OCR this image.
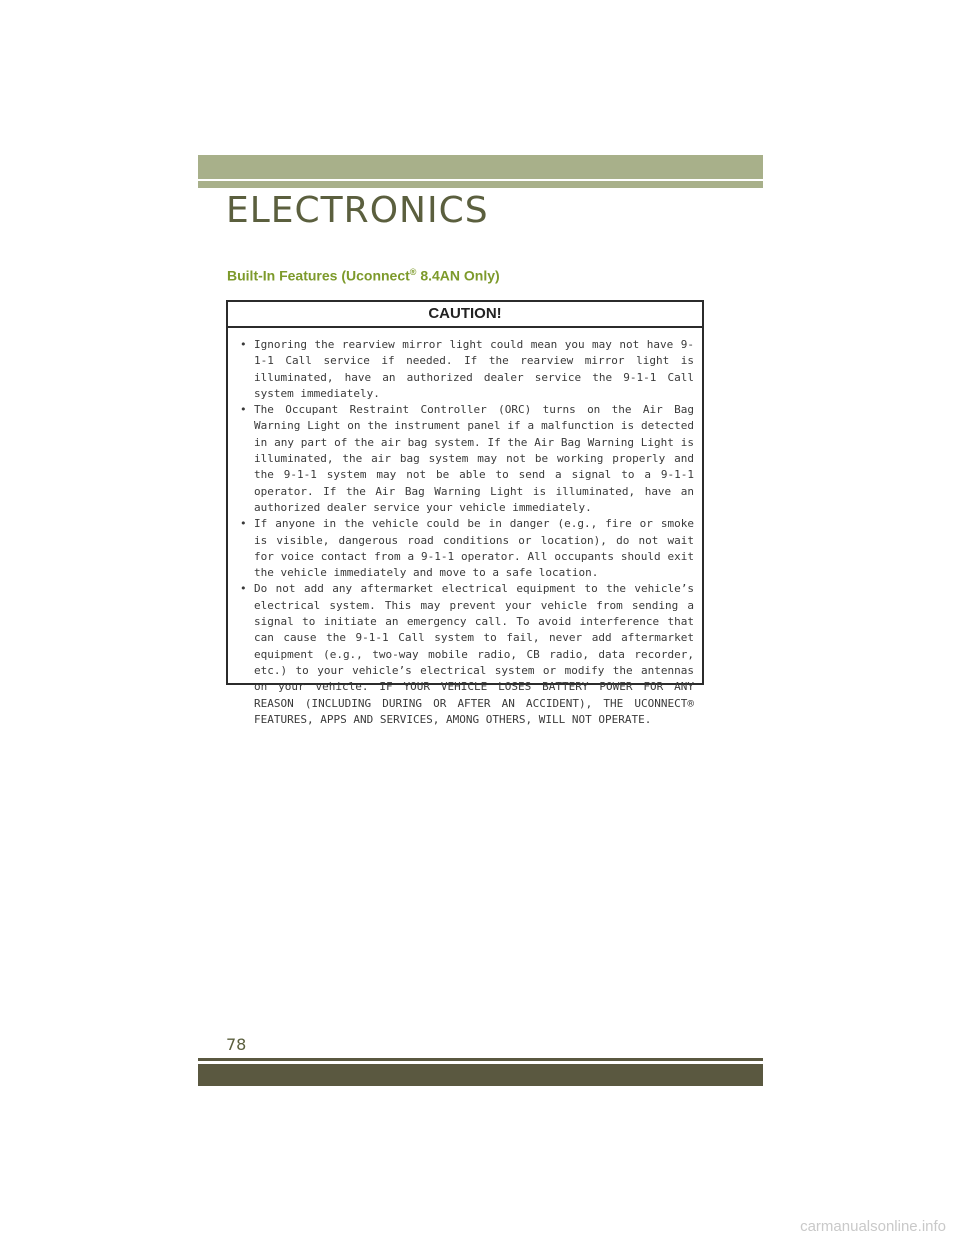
ELECTRONICS
Built-In Features (Uconnect® 8.4AN Only)
CAUTION!
• Ignoring the rearview mirror light could mean you may not have 9-1-1 Call service if needed. If the rearview mirror light is illuminated, have an authorized dealer service the 9-1-1 Call system immediately.
• The Occupant Restraint Controller (ORC) turns on the Air Bag Warning Light on the instrument panel if a malfunction is detected in any part of the air bag system. If the Air Bag Warning Light is illuminated, the air bag system may not be working properly and the 9-1-1 system may not be able to send a signal to a 9-1-1 operator. If the Air Bag Warning Light is illuminated, have an authorized dealer service your vehicle immediately.
• If anyone in the vehicle could be in danger (e.g., fire or smoke is visible, dangerous road conditions or location), do not wait for voice contact from a 9-1-1 operator. All occupants should exit the vehicle immediately and move to a safe location.
• Do not add any aftermarket electrical equipment to the vehicle’s electrical system. This may prevent your vehicle from sending a signal to initiate an emergency call. To avoid interference that can cause the 9-1-1 Call system to fail, never add aftermarket equipment (e.g., two-way mobile radio, CB radio, data recorder, etc.) to your vehicle’s electrical system or modify the antennas on your vehicle. IF YOUR VEHICLE LOSES BATTERY POWER FOR ANY REASON (INCLUDING DURING OR AFTER AN ACCIDENT), THE UCONNECT® FEATURES, APPS AND SERVICES, AMONG OTHERS, WILL NOT OPERATE.
78
carmanualsonline.info
